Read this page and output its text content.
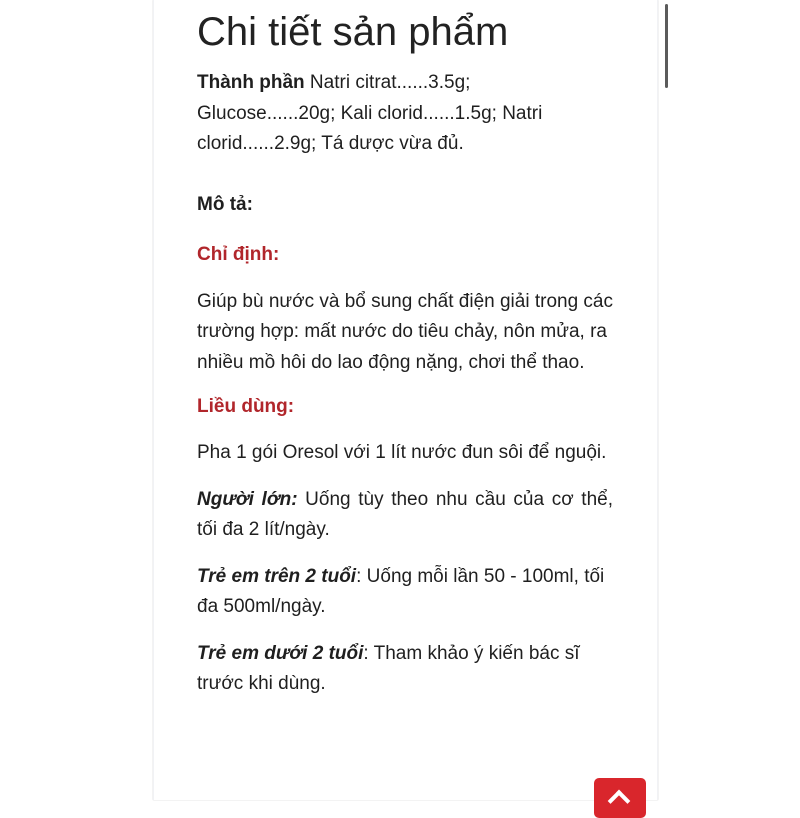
Chi tiết sản phẩm

Thành phần Natri citrat......3.5g; Glucose......20g; Kali clorid......1.5g; Natri clorid......2.9g; Tá dược vừa đủ.

Mô tả:

Chỉ định:

Giúp bù nước và bổ sung chất điện giải trong các trường hợp: mất nước do tiêu chảy, nôn mửa, ra nhiều mồ hôi do lao động nặng, chơi thể thao.

Liều dùng:

Pha 1 gói Oresol với 1 lít nước đun sôi để nguội.

Người lớn: Uống tùy theo nhu cầu của cơ thể, tối đa 2 lít/ngày.

Trẻ em trên 2 tuổi: Uống mỗi lần 50 - 100ml, tối đa 500ml/ngày.

Trẻ em dưới 2 tuổi: Tham khảo ý kiến bác sĩ trước khi dùng.
